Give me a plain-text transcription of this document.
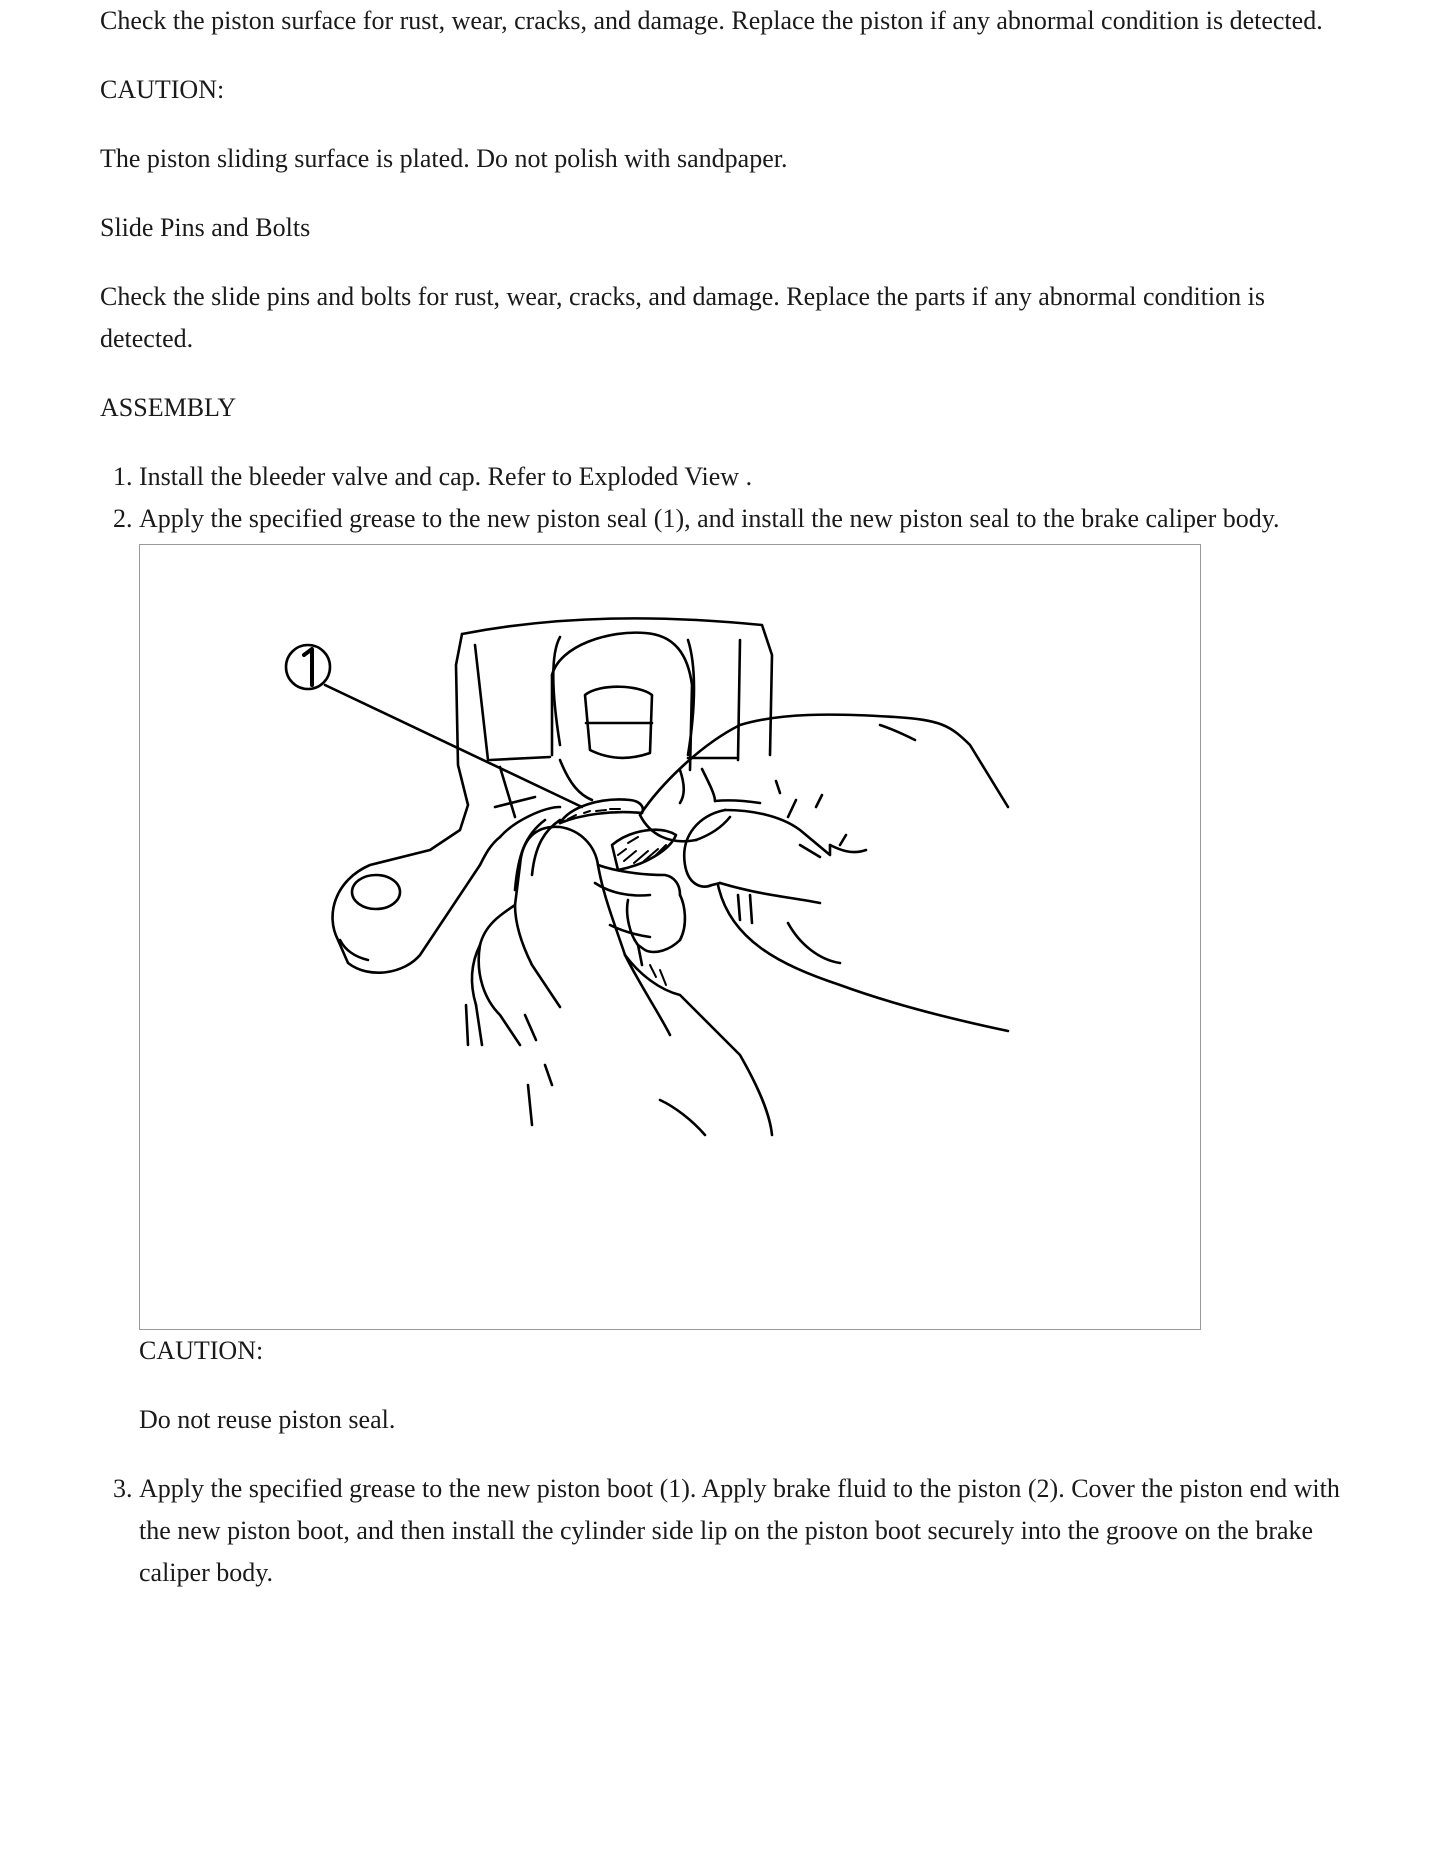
Check the piston surface for rust, wear, cracks, and damage. Replace the piston if any abnormal condition is detected.

CAUTION:

The piston sliding surface is plated. Do not polish with sandpaper.

Slide Pins and Bolts

Check the slide pins and bolts for rust, wear, cracks, and damage. Replace the parts if any abnormal condition is detected.

ASSEMBLY

1. Install the bleeder valve and cap. Refer to Exploded View .
2. Apply the specified grease to the new piston seal (1), and install the new piston seal to the brake caliper body.

CAUTION:

Do not reuse piston seal.

3. Apply the specified grease to the new piston boot (1). Apply brake fluid to the piston (2). Cover the piston end with the new piston boot, and then install the cylinder side lip on the piston boot securely into the groove on the brake caliper body.
